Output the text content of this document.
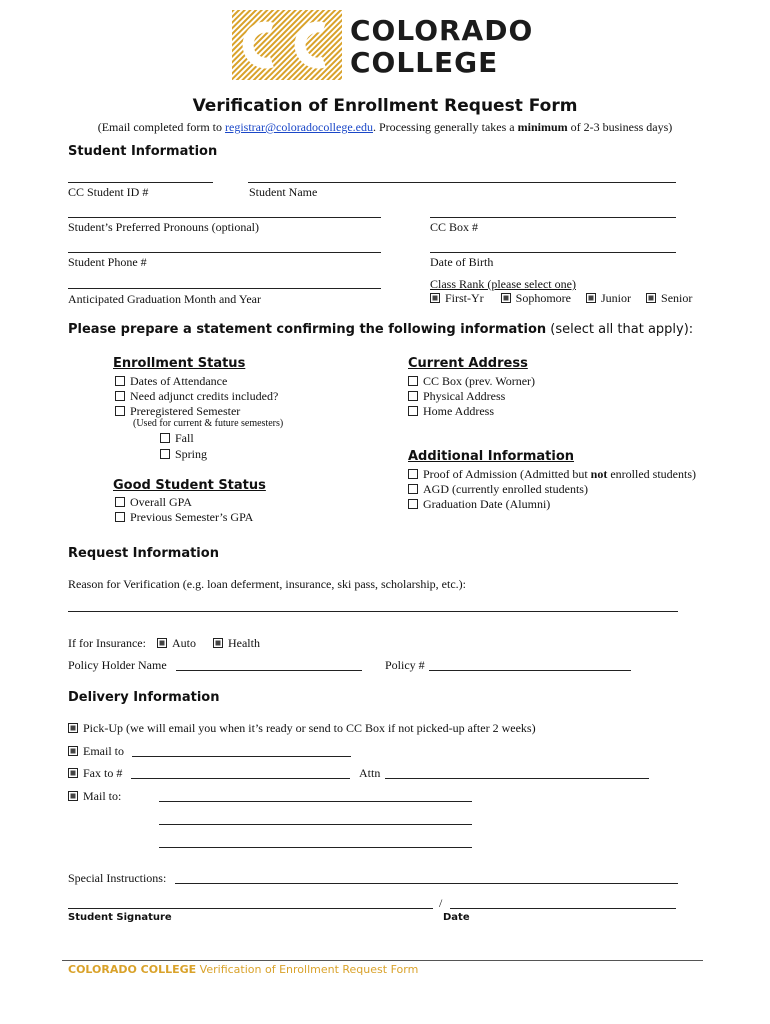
COLORADO
COLLEGE
Verification of Enrollment Request Form
(Email completed form to registrar@coloradocollege.edu. Processing generally takes a minimum of 2-3 business days)
Student Information
CC Student ID #	Student Name
Student’s Preferred Pronouns (optional)	CC Box #
Student Phone #	Date of Birth
Anticipated Graduation Month and Year
Class Rank (please select one)
First-Yr	Sophomore	Junior	Senior
Please prepare a statement confirming the following information (select all that apply):
Enrollment Status
Dates of Attendance
Need adjunct credits included?
Preregistered Semester
(Used for current & future semesters)
Fall
Spring
Good Student Status
Overall GPA
Previous Semester’s GPA
Current Address
CC Box (prev. Worner)
Physical Address
Home Address
Additional Information
Proof of Admission (Admitted but not enrolled students)
AGD (currently enrolled students)
Graduation Date (Alumni)
Request Information
Reason for Verification (e.g. loan deferment, insurance, ski pass, scholarship, etc.):
If for Insurance: Auto	Health
Policy Holder Name	Policy #
Delivery Information
Pick-Up (we will email you when it’s ready or send to CC Box if not picked-up after 2 weeks)
Email to
Fax to #	Attn
Mail to:
Special Instructions:
/
Student Signature	Date
COLORADO COLLEGE Verification of Enrollment Request Form
